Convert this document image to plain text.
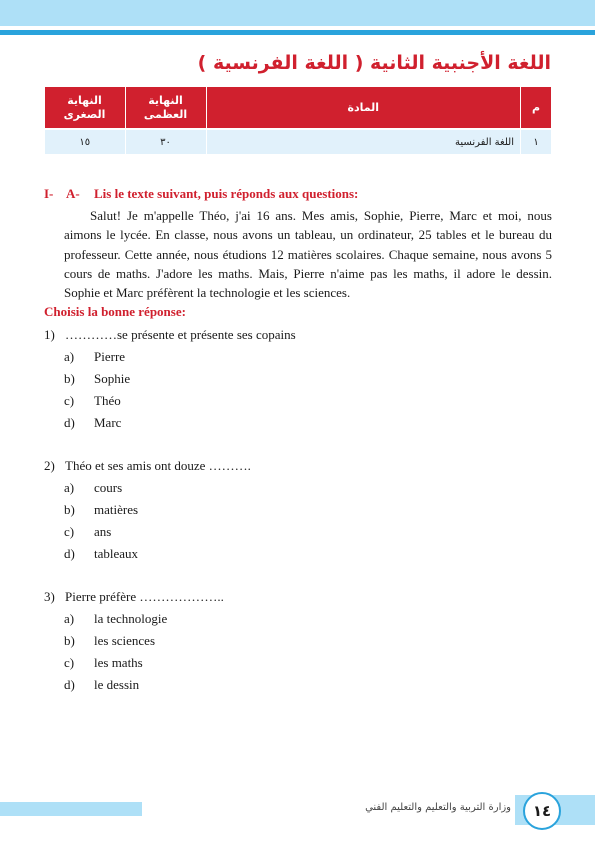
اللغة الأجنبية الثانية ( اللغة الفرنسية )
م	المادة	النهاية العظمى	النهاية الصغرى
١	اللغة الفرنسية	٣٠	١٥
I- A- Lis le texte suivant, puis réponds aux questions:
Salut! Je m'appelle Théo, j'ai 16 ans. Mes amis, Sophie, Pierre, Marc et moi, nous aimons le lycée. En classe, nous avons un tableau, un ordinateur, 25 tables et le bureau du professeur. Cette année, nous étudions 12 matières scolaires. Chaque semaine, nous avons 5 cours de maths. J'adore les maths. Mais, Pierre n'aime pas les maths, il adore le dessin. Sophie et Marc préfèrent la technologie et les sciences.
Choisis la bonne réponse:
1) …………se présente et présente ses copains
a) Pierre
b) Sophie
c) Théo
d) Marc
2) Théo et ses amis ont douze ……….
a) cours
b) matières
c) ans
d) tableaux
3) Pierre préfère ………………..
a) la technologie
b) les sciences
c) les maths
d) le dessin
١٤
وزارة التربية والتعليم والتعليم الفني
